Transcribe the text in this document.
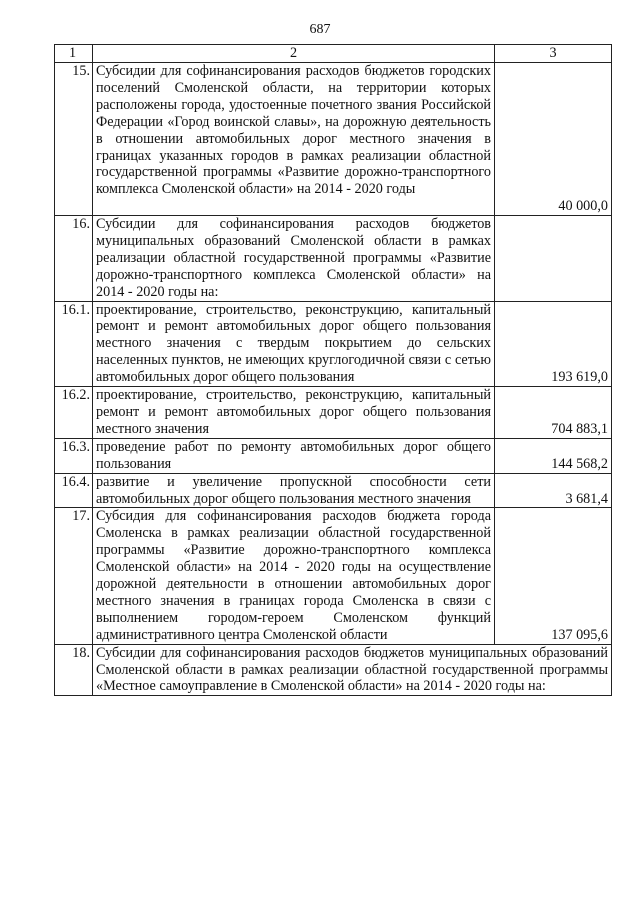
687
1	2	3
15.	Субсидии для софинансирования расходов бюджетов городских поселений Смоленской области, на территории которых расположены города, удостоенные почетного звания Российской Федерации «Город воинской славы», на дорожную деятельность в отношении автомобильных дорог местного значения в границах указанных городов в рамках реализации областной государственной программы «Развитие дорожно-транспортного комплекса Смоленской области» на 2014 - 2020 годы	40 000,0
16.	Субсидии для софинансирования расходов бюджетов муниципальных образований Смоленской области в рамках реализации областной государственной программы «Развитие дорожно-транспортного комплекса Смоленской области» на 2014 - 2020 годы на:	
16.1.	проектирование, строительство, реконструкцию, капитальный ремонт и ремонт автомобильных дорог общего пользования местного значения с твердым покрытием до сельских населенных пунктов, не имеющих круглогодичной связи с сетью автомобильных дорог общего пользования	193 619,0
16.2.	проектирование, строительство, реконструкцию, капитальный ремонт и ремонт автомобильных дорог общего пользования местного значения	704 883,1
16.3.	проведение работ по ремонту автомобильных дорог общего пользования	144 568,2
16.4.	развитие и увеличение пропускной способности сети автомобильных дорог общего пользования местного значения	3 681,4
17.	Субсидия для софинансирования расходов бюджета города Смоленска в рамках реализации областной государственной программы «Развитие дорожно-транспортного комплекса Смоленской области» на 2014 - 2020 годы на осуществление дорожной деятельности в отношении автомобильных дорог местного значения в границах города Смоленска в связи с выполнением городом-героем Смоленском функций административного центра Смоленской области	137 095,6
18.	Субсидии для софинансирования расходов бюджетов муниципальных образований Смоленской области в рамках реализации областной государственной программы «Местное самоуправление в Смоленской области» на 2014 - 2020 годы на:	
